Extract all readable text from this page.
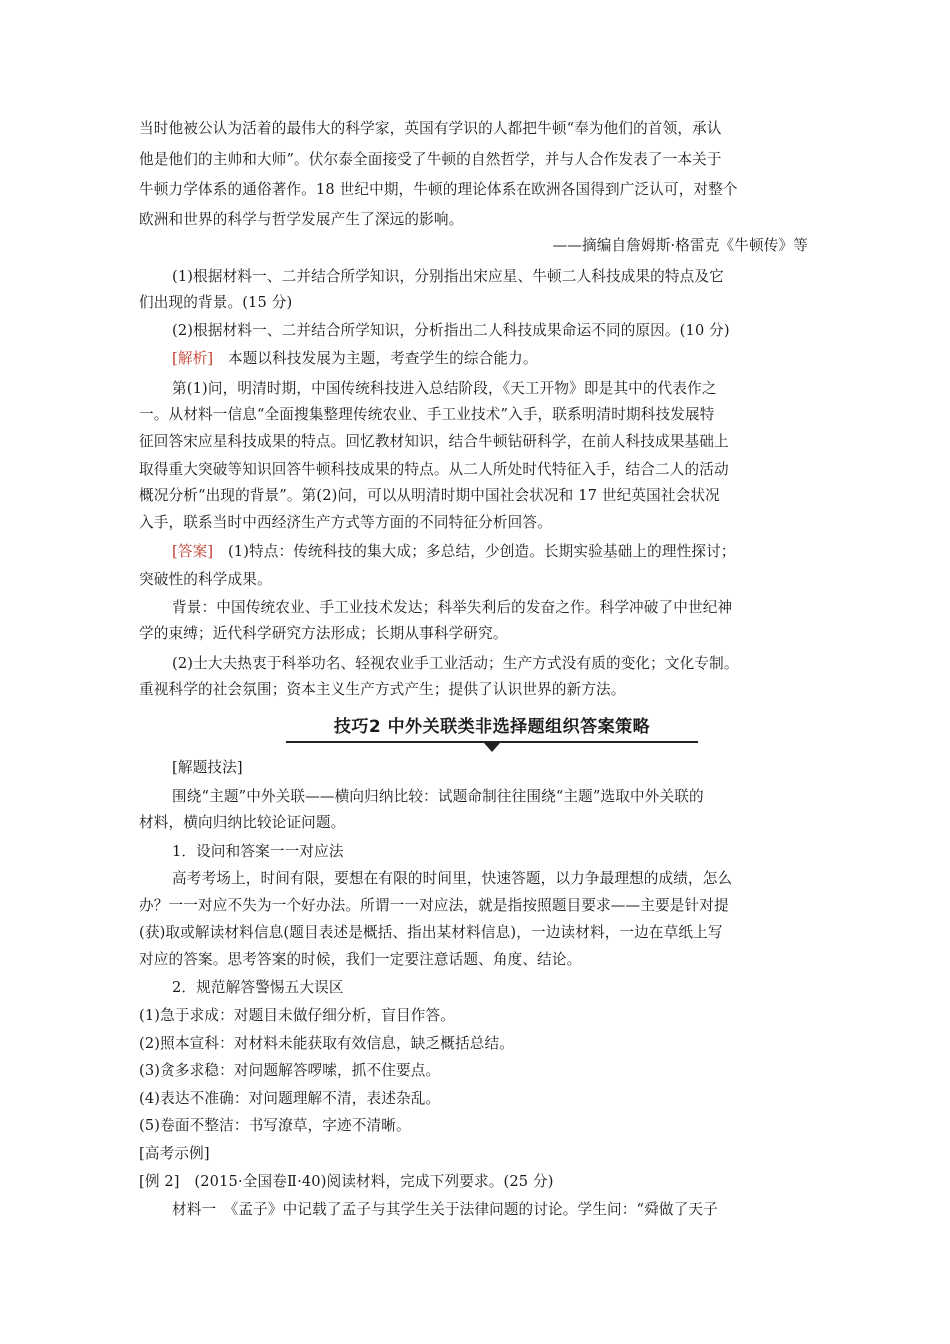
当时他被公认为活着的最伟大的科学家，英国有学识的人都把牛顿“奉为他们的首领，承认
他是他们的主帅和大师”。伏尔泰全面接受了牛顿的自然哲学，并与人合作发表了一本关于
牛顿力学体系的通俗著作。18 世纪中期，牛顿的理论体系在欧洲各国得到广泛认可，对整个
欧洲和世界的科学与哲学发展产生了深远的影响。
——摘编自詹姆斯·格雷克《牛顿传》等
(1)根据材料一、二并结合所学知识，分别指出宋应星、牛顿二人科技成果的特点及它
们出现的背景。(15 分)
(2)根据材料一、二并结合所学知识，分析指出二人科技成果命运不同的原因。(10 分)
[解析]　 本题以科技发展为主题，考查学生的综合能力。
第(1)问，明清时期，中国传统科技进入总结阶段，《天工开物》即是其中的代表作之
一。从材料一信息“全面搜集整理传统农业、手工业技术”入手，联系明清时期科技发展特
征回答宋应星科技成果的特点。回忆教材知识，结合牛顿钻研科学，在前人科技成果基础上
取得重大突破等知识回答牛顿科技成果的特点。从二人所处时代特征入手，结合二人的活动
概况分析“出现的背景”。第(2)问，可以从明清时期中国社会状况和 17 世纪英国社会状况
入手，联系当时中西经济生产方式等方面的不同特征分析回答。
[答案]　 (1)特点：传统科技的集大成；多总结，少创造。长期实验基础上的理性探讨；
突破性的科学成果。
背景：中国传统农业、手工业技术发达；科举失利后的发奋之作。科学冲破了中世纪神
学的束缚；近代科学研究方法形成；长期从事科学研究。
(2)士大夫热衷于科举功名、轻视农业手工业活动；生产方式没有质的变化；文化专制。
重视科学的社会氛围；资本主义生产方式产生；提供了认识世界的新方法。
技巧2 中外关联类非选择题组织答案策略
[解题技法]
围绕“主题”中外关联——横向归纳比较：试题命制往往围绕“主题”选取中外关联的
材料，横向归纳比较论证问题。
1．设问和答案一一对应法
高考考场上，时间有限，要想在有限的时间里，快速答题，以力争最理想的成绩，怎么
办？一一对应不失为一个好办法。所谓一一对应法，就是指按照题目要求——主要是针对提
(获)取或解读材料信息(题目表述是概括、指出某材料信息)，一边读材料，一边在草纸上写
对应的答案。思考答案的时候，我们一定要注意话题、角度、结论。
2．规范解答警惕五大误区
(1)急于求成：对题目未做仔细分析，盲目作答。
(2)照本宣科：对材料未能获取有效信息，缺乏概括总结。
(3)贪多求稳：对问题解答啰嗦，抓不住要点。
(4)表达不准确：对问题理解不清，表述杂乱。
(5)卷面不整洁：书写潦草，字迹不清晰。
[高考示例]
[例 2]　(2015·全国卷Ⅱ·40)阅读材料，完成下列要求。(25 分)
材料一　《孟子》中记载了孟子与其学生关于法律问题的讨论。学生问：“舜做了天子
